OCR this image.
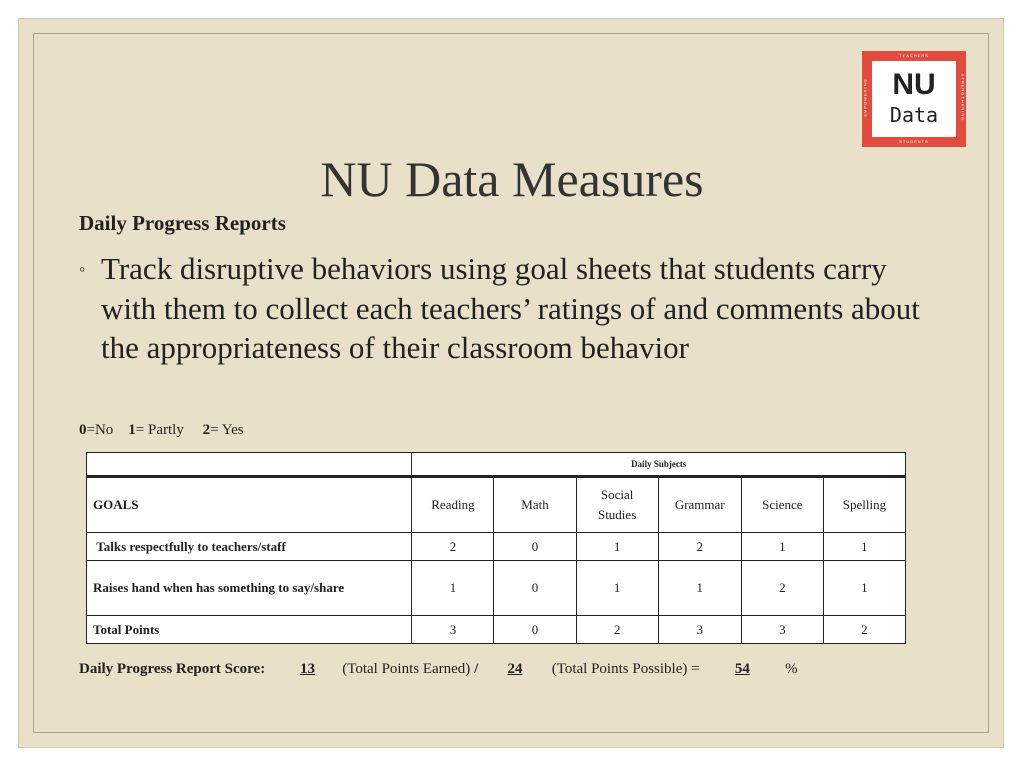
TEACHERS
EMPOWERING	STRENGTHENING
NU
Data
STUDENTS
NU Data Measures
Daily Progress Reports
◦ Track disruptive behaviors using goal sheets that students carry with them to collect each teachers’ ratings of and comments about the appropriateness of their classroom behavior
0=No 1= Partly 2= Yes
	Daily Subjects					
GOALS	Reading	Math	Social Studies	Grammar	Science	Spelling
Talks respectfully to teachers/staff	2	0	1	2	1	1
Raises hand when has something to say/share	1	0	1	1	2	1
Total Points	3	0	2	3	3	2
Daily Progress Report Score: 13 (Total Points Earned) / 24 (Total Points Possible) = 54 %
